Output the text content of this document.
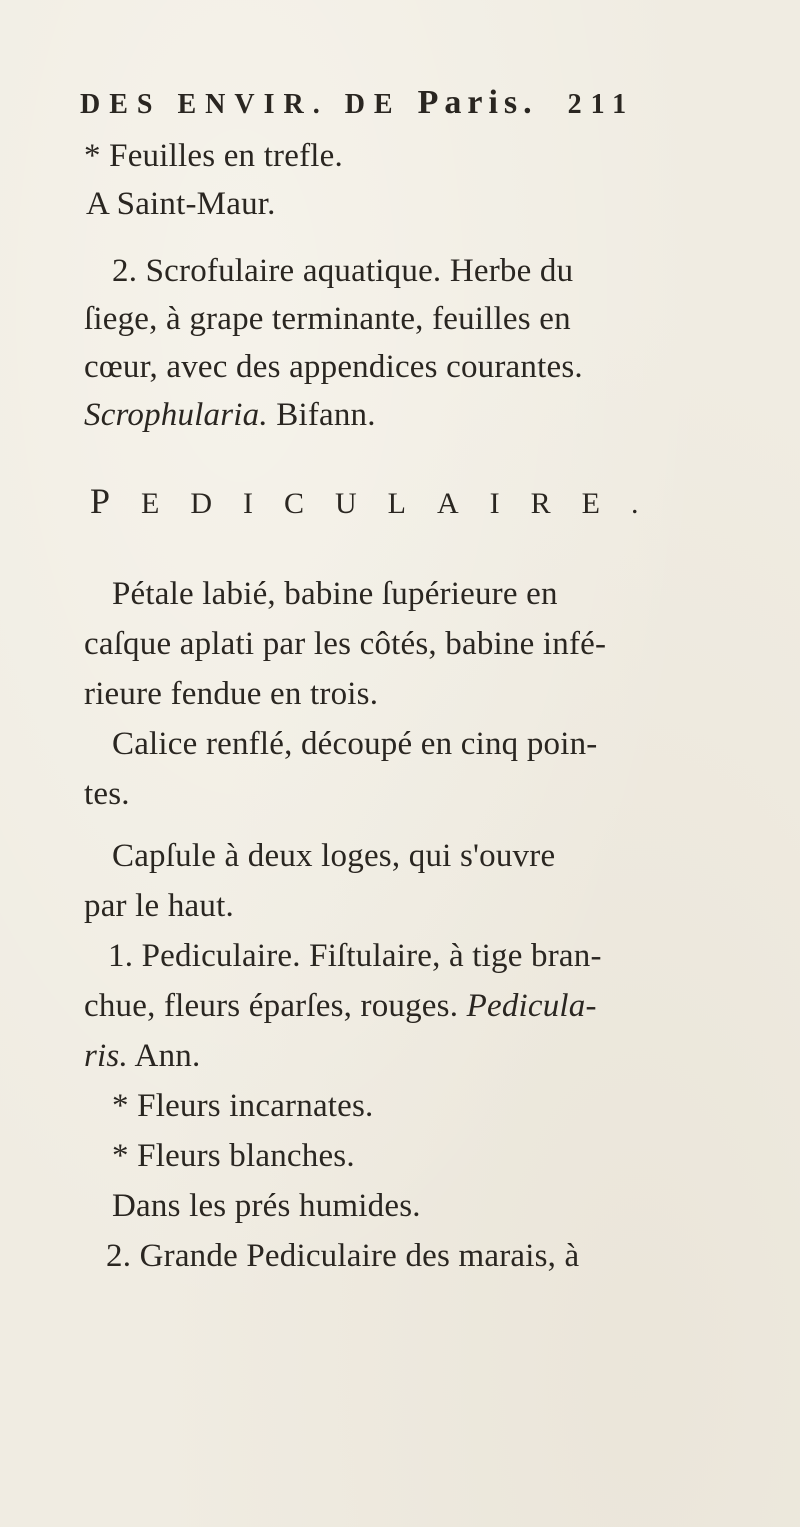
DES ENVIR. DE Paris. 211
* Feuilles en trefle.
A Saint-Maur.
2. Scrofulaire aquatique. Herbe du
ſiege, à grape terminante, feuilles en
cœur, avec des appendices courantes.
Scrophularia. Bifann.
PEDICULAIRE.
Pétale labié, babine ſupérieure en
caſque aplati par les côtés, babine infé-
rieure fendue en trois.
Calice renflé, découpé en cinq poin-
tes.
Capſule à deux loges, qui s'ouvre
par le haut.
1. Pediculaire. Fiſtulaire, à tige bran-
chue, fleurs éparſes, rouges. Pedicula-
ris. Ann.
* Fleurs incarnates.
* Fleurs blanches.
Dans les prés humides.
2. Grande Pediculaire des marais, à
